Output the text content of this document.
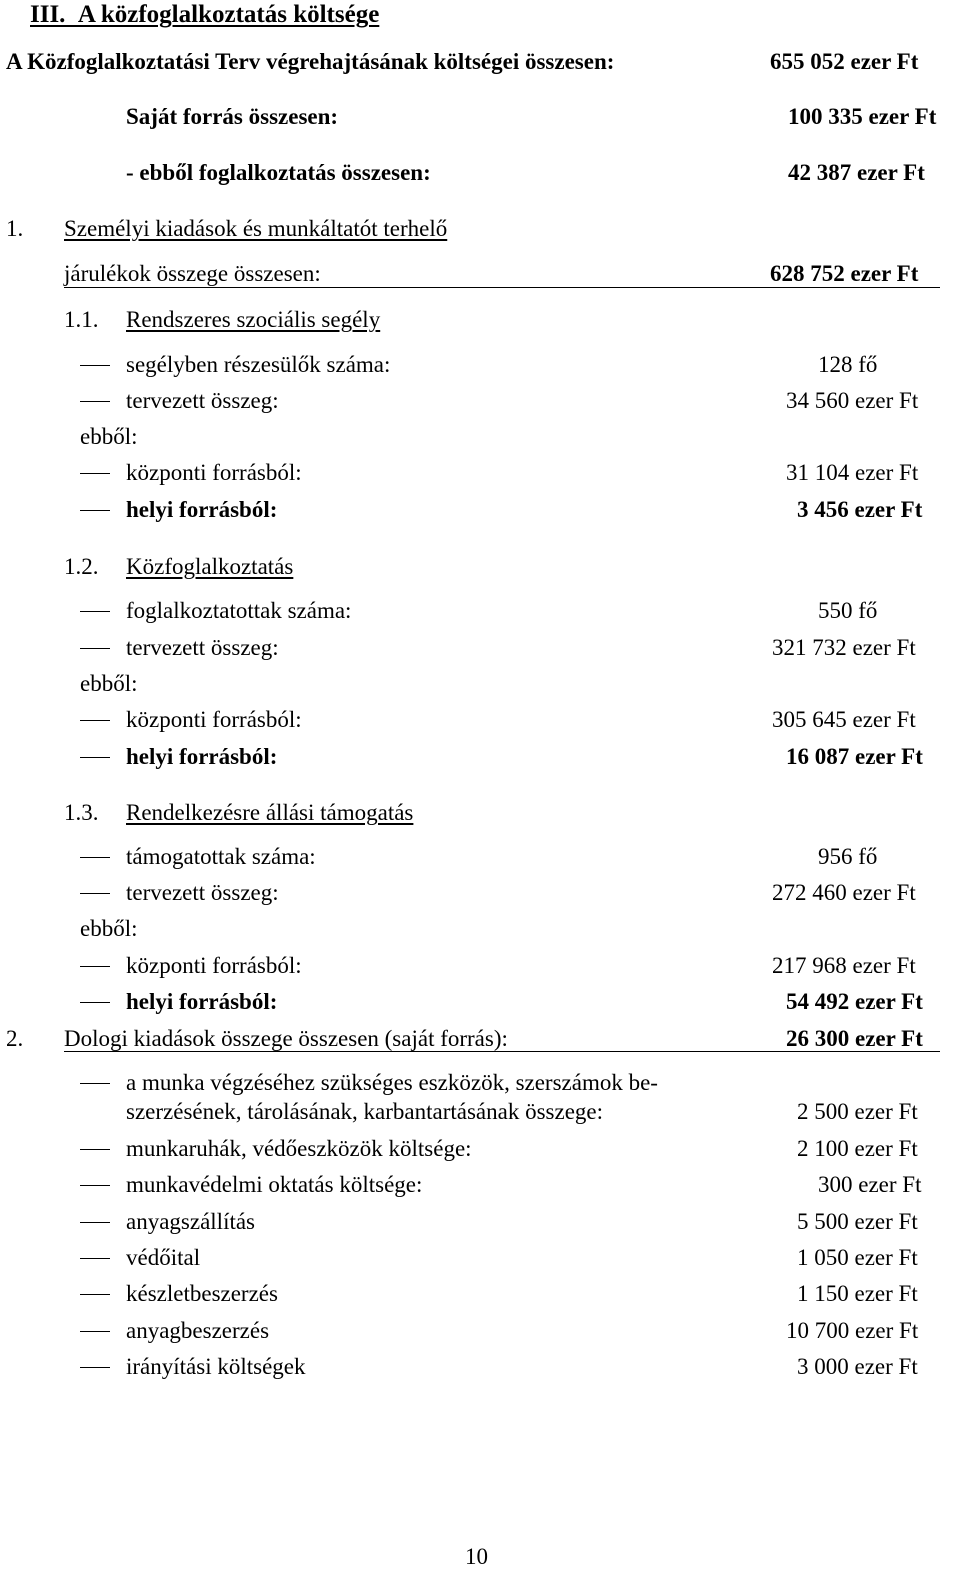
III.  A közfoglalkoztatás költsége
A Közfoglalkoztatási Terv végrehajtásának költségei összesen:	655 052 ezer Ft
Saját forrás összesen:	100 335 ezer Ft
- ebből foglalkoztatás összesen:	42 387 ezer Ft
1. Személyi kiadások és munkáltatót terhelő
járulékok összege összesen:	628 752 ezer Ft
1.1. Rendszeres szociális segély
segélyben részesülők száma:	128 fő
tervezett összeg:	34 560 ezer Ft
ebből:
központi forrásból:	31 104 ezer Ft
helyi forrásból:	3 456 ezer Ft
1.2. Közfoglalkoztatás
foglalkoztatottak száma:	550 fő
tervezett összeg:	321 732 ezer Ft
ebből:
központi forrásból:	305 645 ezer Ft
helyi forrásból:	16 087 ezer Ft
1.3. Rendelkezésre állási támogatás
támogatottak száma:	956 fő
tervezett összeg:	272 460 ezer Ft
ebből:
központi forrásból:	217 968 ezer Ft
helyi forrásból:	54 492 ezer Ft
2. Dologi kiadások összege összesen (saját forrás):	26 300 ezer Ft
a munka végzéséhez szükséges eszközök, szerszámok be-
szerzésének, tárolásának, karbantartásának összege:	2 500 ezer Ft
munkaruhák, védőeszközök költsége:	2 100 ezer Ft
munkavédelmi oktatás költsége:	300 ezer Ft
anyagszállítás	5 500 ezer Ft
védőital	1 050 ezer Ft
készletbeszerzés	1 150 ezer Ft
anyagbeszerzés	10 700 ezer Ft
irányítási költségek	3 000 ezer Ft
10
